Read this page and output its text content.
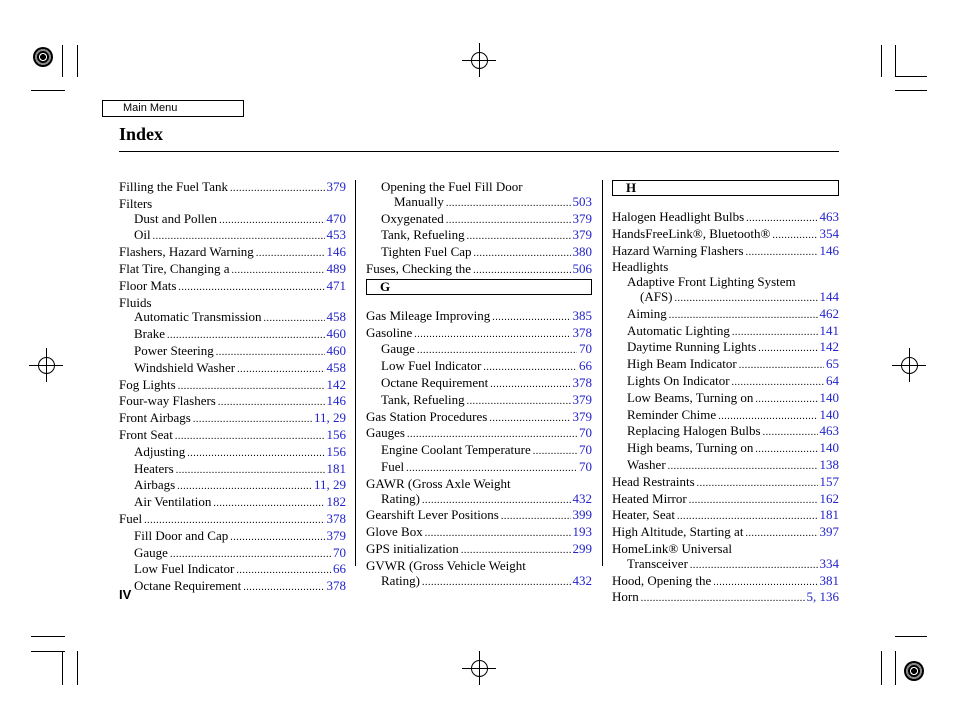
Main Menu
Index
Filling the Fuel Tank .....	379
Filters
Dust and Pollen .....	470
Oil .....	453
Flashers, Hazard Warning .....	146
Flat Tire, Changing a .....	489
Floor Mats .....	471
Fluids
Automatic Transmission .....	458
Brake .....	460
Power Steering .....	460
Windshield Washer .....	458
Fog Lights .....	142
Four-way Flashers .....	146
Front Airbags .....	11, 29
Front Seat .....	156
Adjusting .....	156
Heaters .....	181
Airbags .....	11, 29
Air Ventilation .....	182
Fuel .....	378
Fill Door and Cap .....	379
Gauge .....	70
Low Fuel Indicator .....	66
Octane Requirement .....	378
Opening the Fuel Fill Door
Manually .....	503
Oxygenated .....	379
Tank, Refueling .....	379
Tighten Fuel Cap .....	380
Fuses, Checking the .....	506
G
Gas Mileage Improving .....	385
Gasoline .....	378
Gauge .....	70
Low Fuel Indicator .....	66
Octane Requirement .....	378
Tank, Refueling .....	379
Gas Station Procedures .....	379
Gauges .....	70
Engine Coolant Temperature .....	70
Fuel .....	70
GAWR (Gross Axle Weight
Rating) .....	432
Gearshift Lever Positions .....	399
Glove Box .....	193
GPS initialization .....	299
GVWR (Gross Vehicle Weight
Rating) .....	432
H
Halogen Headlight Bulbs .....	463
HandsFreeLink®, Bluetooth® .....	354
Hazard Warning Flashers .....	146
Headlights
Adaptive Front Lighting System
(AFS) .....	144
Aiming .....	462
Automatic Lighting .....	141
Daytime Running Lights .....	142
High Beam Indicator .....	65
Lights On Indicator .....	64
Low Beams, Turning on .....	140
Reminder Chime .....	140
Replacing Halogen Bulbs .....	463
High beams, Turning on .....	140
Washer .....	138
Head Restraints .....	157
Heated Mirror .....	162
Heater, Seat .....	181
High Altitude, Starting at .....	397
HomeLink® Universal
Transceiver .....	334
Hood, Opening the .....	381
Horn .....	5, 136
IV
